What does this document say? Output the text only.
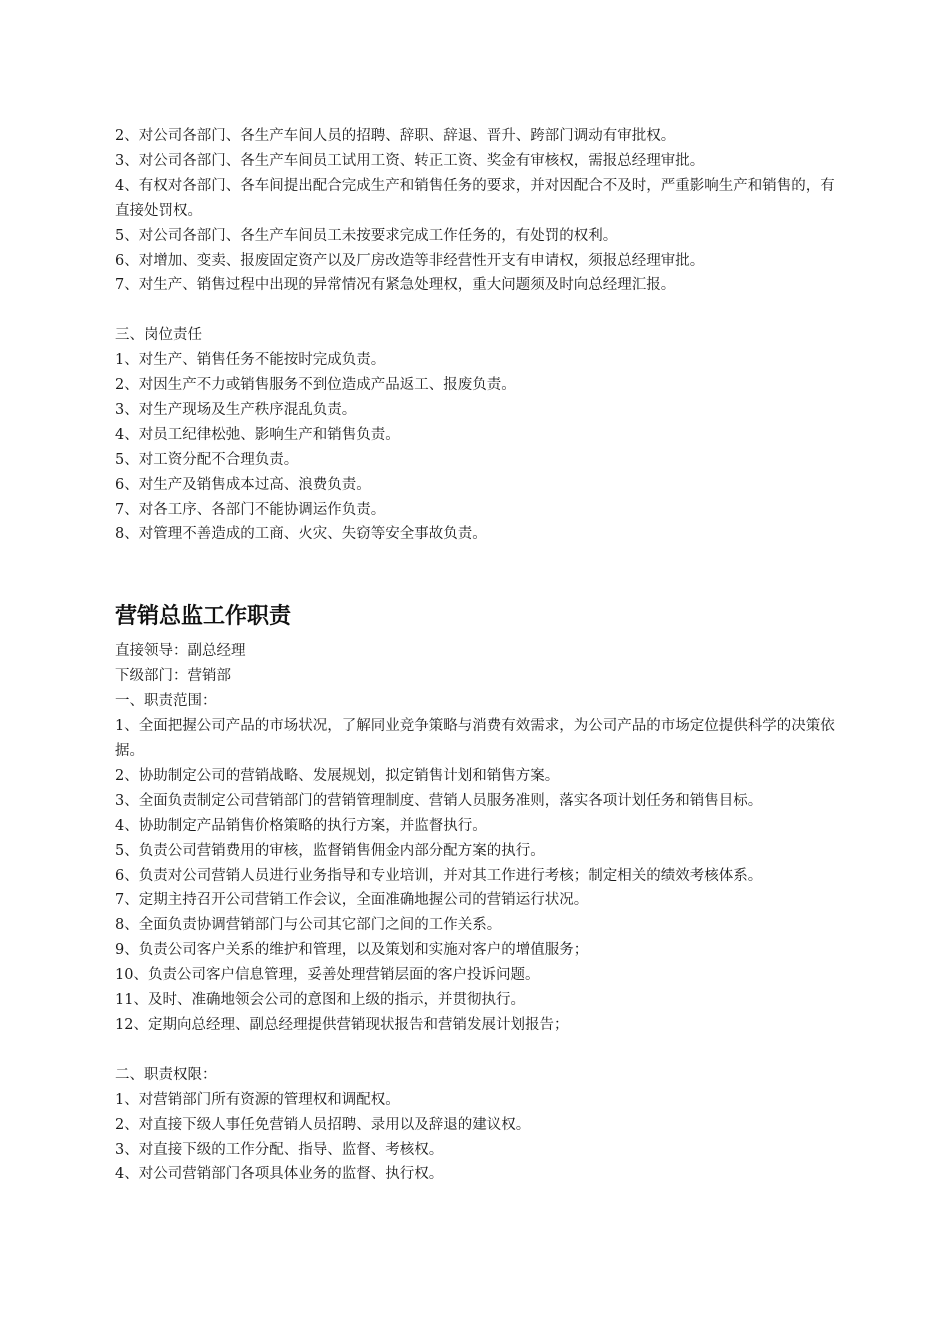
2、对公司各部门、各生产车间人员的招聘、辞职、辞退、晋升、跨部门调动有审批权。

3、对公司各部门、各生产车间员工试用工资、转正工资、奖金有审核权，需报总经理审批。

4、有权对各部门、各车间提出配合完成生产和销售任务的要求，并对因配合不及时，严重影响生产和销售的，有直接处罚权。

5、对公司各部门、各生产车间员工未按要求完成工作任务的，有处罚的权利。

6、对增加、变卖、报废固定资产以及厂房改造等非经营性开支有申请权，须报总经理审批。

7、对生产、销售过程中出现的异常情况有紧急处理权，重大问题须及时向总经理汇报。

三、岗位责任

1、对生产、销售任务不能按时完成负责。

2、对因生产不力或销售服务不到位造成产品返工、报废负责。

3、对生产现场及生产秩序混乱负责。

4、对员工纪律松弛、影响生产和销售负责。

5、对工资分配不合理负责。

6、对生产及销售成本过高、浪费负责。

7、对各工序、各部门不能协调运作负责。

8、对管理不善造成的工商、火灾、失窃等安全事故负责。

营销总监工作职责

直接领导：副总经理

下级部门：营销部

一、职责范围：

1、全面把握公司产品的市场状况，了解同业竞争策略与消费有效需求，为公司产品的市场定位提供科学的决策依据。

2、协助制定公司的营销战略、发展规划，拟定销售计划和销售方案。

3、全面负责制定公司营销部门的营销管理制度、营销人员服务准则，落实各项计划任务和销售目标。

4、协助制定产品销售价格策略的执行方案，并监督执行。

5、负责公司营销费用的审核，监督销售佣金内部分配方案的执行。

6、负责对公司营销人员进行业务指导和专业培训，并对其工作进行考核；制定相关的绩效考核体系。

7、定期主持召开公司营销工作会议，全面准确地握公司的营销运行状况。

8、全面负责协调营销部门与公司其它部门之间的工作关系。

9、负责公司客户关系的维护和管理，以及策划和实施对客户的增值服务；

10、负责公司客户信息管理，妥善处理营销层面的客户投诉问题。

11、及时、准确地领会公司的意图和上级的指示，并贯彻执行。

12、定期向总经理、副总经理提供营销现状报告和营销发展计划报告；

二、职责权限：

1、对营销部门所有资源的管理权和调配权。

2、对直接下级人事任免营销人员招聘、录用以及辞退的建议权。

3、对直接下级的工作分配、指导、监督、考核权。

4、对公司营销部门各项具体业务的监督、执行权。
